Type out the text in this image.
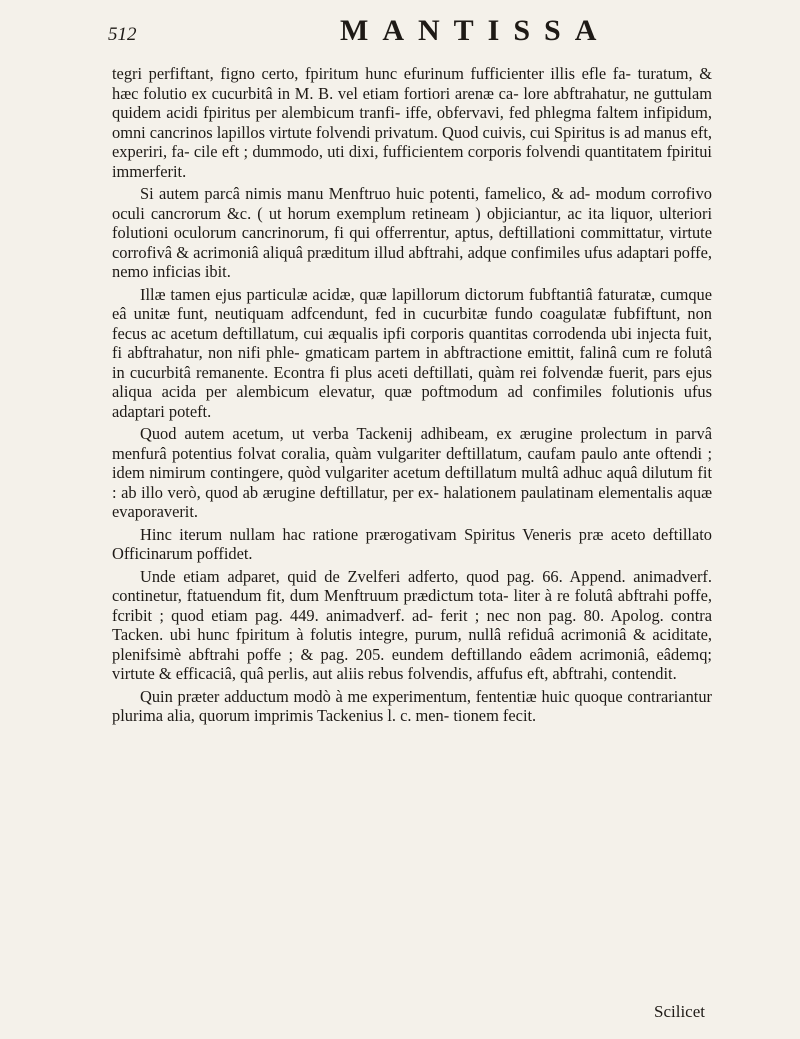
512	MANTISSA

tegri perfiftant, figno certo, fpiritum hunc efurinum fufficienter illis efle fa- turatum, & hæc folutio ex cucurbitâ in M. B. vel etiam fortiori arenæ ca- lore abftrahatur, ne guttulam quidem acidi fpiritus per alembicum tranfi- iffe, obfervavi, fed phlegma faltem infipidum, omni cancrinos lapillos virtute folvendi privatum. Quod cuivis, cui Spiritus is ad manus eft, experiri, fa- cile eft ; dummodo, uti dixi, fufficientem corporis folvendi quantitatem fpiritui immerferit.

Si autem parcâ nimis manu Menftruo huic potenti, famelico, & ad- modum corrofivo oculi cancrorum &c. ( ut horum exemplum retineam ) objiciantur, ac ita liquor, ulteriori folutioni oculorum cancrinorum, fi qui offerrentur, aptus, deftillationi committatur, virtute corrofivâ & acrimoniâ aliquâ præditum illud abftrahi, adque confimiles ufus adaptari poffe, nemo inficias ibit.

Illæ tamen ejus particulæ acidæ, quæ lapillorum dictorum fubftantiâ faturatæ, cumque eâ unitæ funt, neutiquam adfcendunt, fed in cucurbitæ fundo coagulatæ fubfiftunt, non fecus ac acetum deftillatum, cui æqualis ipfi corporis quantitas corrodenda ubi injecta fuit, fi abftrahatur, non nifi phle- gmaticam partem in abftractione emittit, falinâ cum re folutâ in cucurbitâ remanente. Econtra fi plus aceti deftillati, quàm rei folvendæ fuerit, pars ejus aliqua acida per alembicum elevatur, quæ poftmodum ad confimiles folutionis ufus adaptari poteft.

Quod autem acetum, ut verba Tackenij adhibeam, ex ærugine prolectum in parvâ menfurâ potentius folvat coralia, quàm vulgariter deftillatum, caufam paulo ante oftendi ; idem nimirum contingere, quòd vulgariter acetum deftillatum multâ adhuc aquâ dilutum fit : ab illo verò, quod ab ærugine deftillatur, per ex- halationem paulatinam elementalis aquæ evaporaverit.

Hinc iterum nullam hac ratione prærogativam Spiritus Veneris præ aceto deftillato Officinarum poffidet.

Unde etiam adparet, quid de Zvelferi adferto, quod pag. 66. Append. animadverf. continetur, ftatuendum fit, dum Menftruum prædictum tota- liter à re folutâ abftrahi poffe, fcribit ; quod etiam pag. 449. animadverf. ad- ferit ; nec non pag. 80. Apolog. contra Tacken. ubi hunc fpiritum à folutis integre, purum, nullâ refiduâ acrimoniâ & aciditate, plenifsimè abftrahi poffe ; & pag. 205. eundem deftillando eâdem acrimoniâ, eâdemq; virtute & efficaciâ, quâ perlis, aut aliis rebus folvendis, affufus eft, abftrahi, contendit.

Quin præter adductum modò à me experimentum, fententiæ huic quoque contrariantur plurima alia, quorum imprimis Tackenius l. c. men- tionem fecit.

Scilicet
